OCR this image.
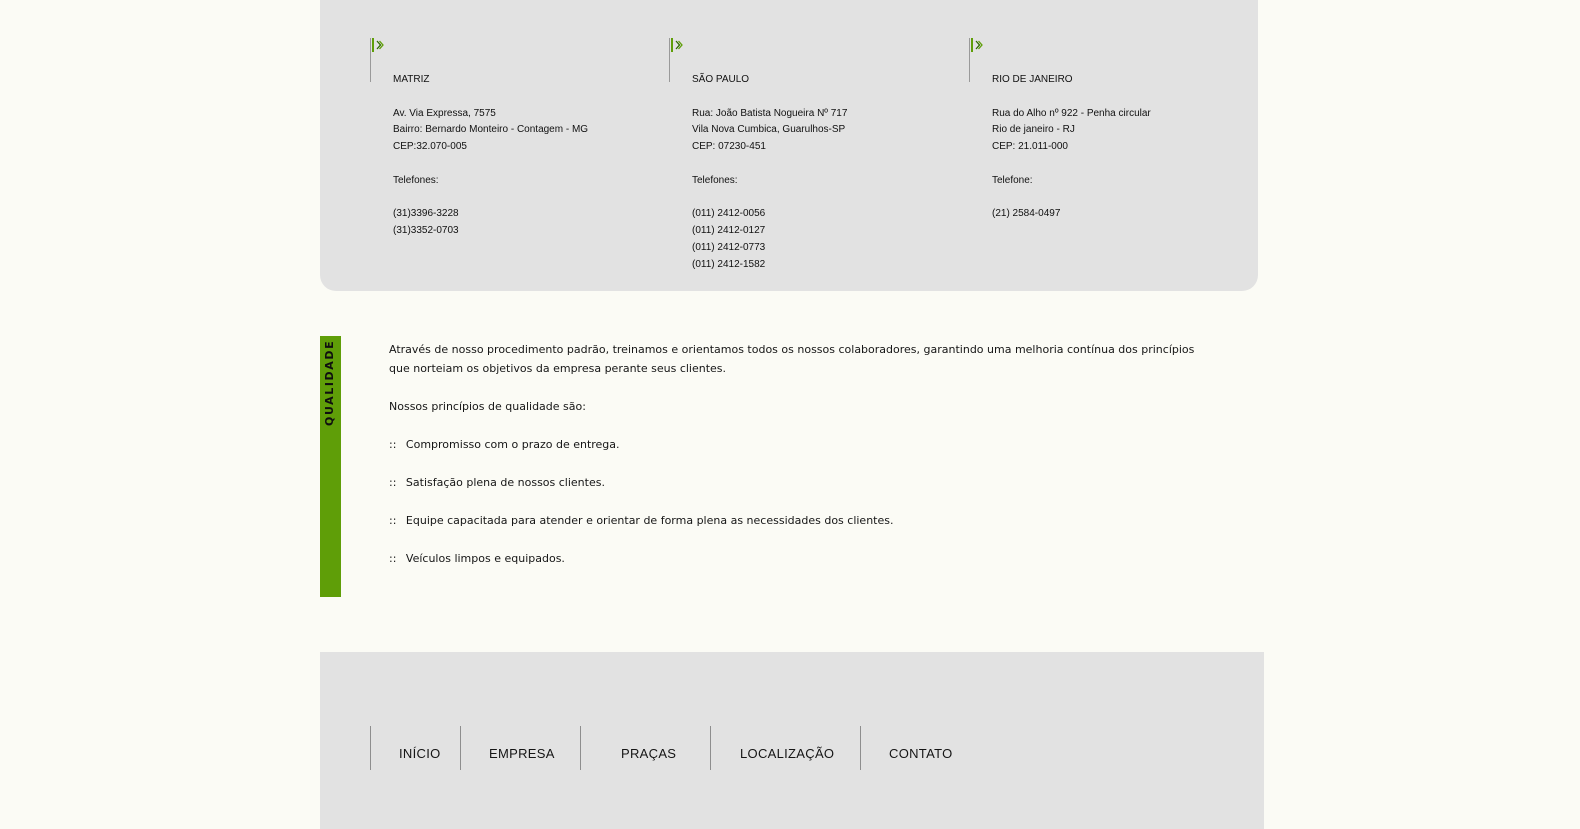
MATRIZ

Av. Via Expressa, 7575

Bairro: Bernardo Monteiro - Contagem - MG

CEP:32.070-005

Telefones:

(31)3396-3228

(31)3352-0703

SÃO PAULO

Rua: João Batista Nogueira Nº 717

Vila Nova Cumbica, Guarulhos-SP

CEP: 07230-451

Telefones:

(011) 2412-0056

(011) 2412-0127

(011) 2412-0773

(011) 2412-1582

RIO DE JANEIRO

Rua do Alho nº 922 - Penha circular

Rio de janeiro - RJ

CEP: 21.011-000

Telefone:

(21) 2584-0497

QUALIDADE	Através de nosso procedimento padrão, treinamos e orientamos todos os nossos colaboradores, garantindo uma melhoria contínua dos princípios que norteiam os objetivos da empresa perante seus clientes.

Nossos princípios de qualidade são:

:: Compromisso com o prazo de entrega.

:: Satisfação plena de nossos clientes.

:: Equipe capacitada para atender e orientar de forma plena as necessidades dos clientes.

:: Veículos limpos e equipados.

INÍCIO	EMPRESA	PRAÇAS	LOCALIZAÇÃO	CONTATO
